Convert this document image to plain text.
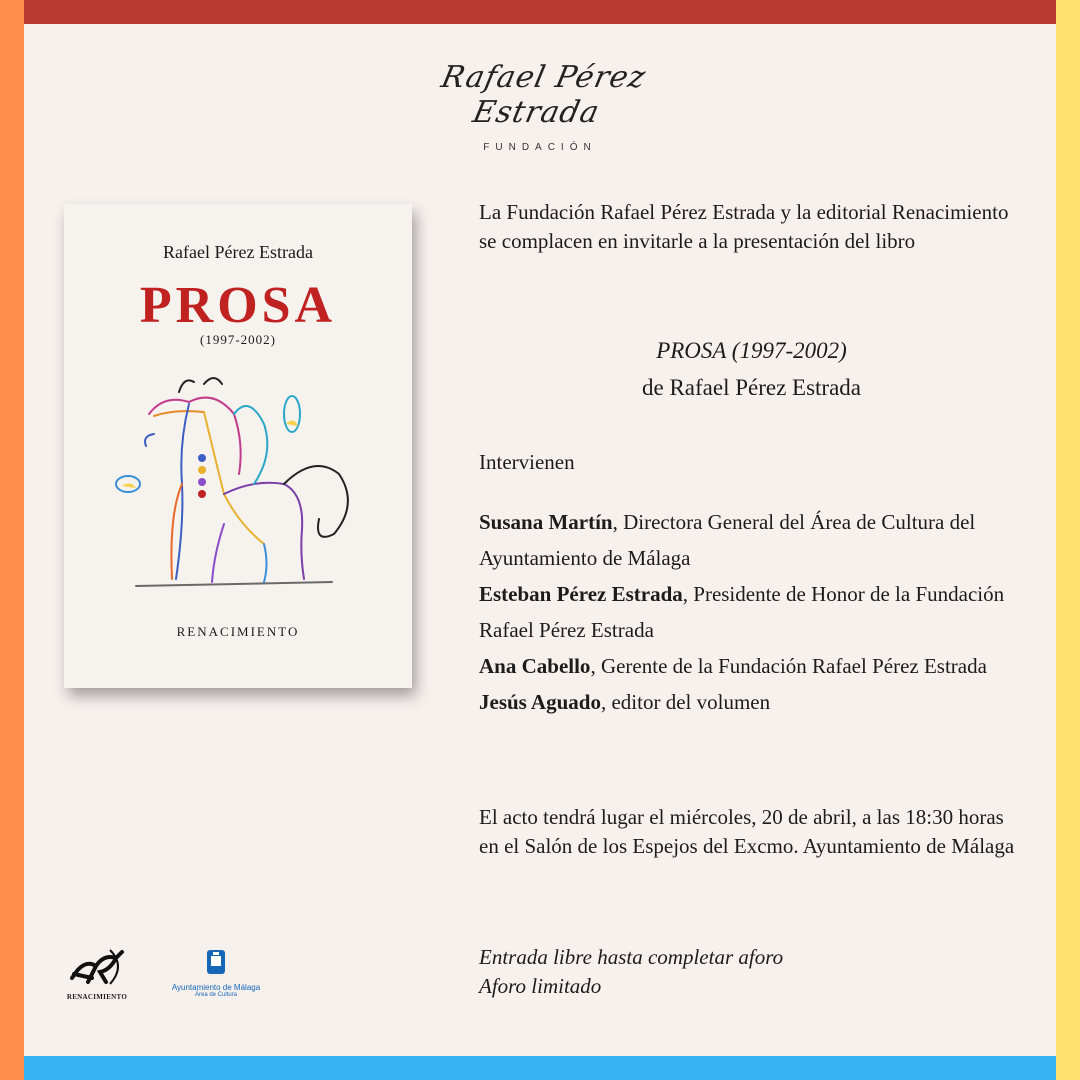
Rafael Pérez Estrada
FUNDACIÓN
Rafael Pérez Estrada
PROSA
(1997-2002)
RENACIMIENTO
La Fundación Rafael Pérez Estrada y la editorial Renacimiento se complacen en invitarle a la presentación del libro
PROSA (1997-2002)
de Rafael Pérez Estrada
Intervienen
Susana Martín, Directora General del Área de Cultura del Ayuntamiento de Málaga
Esteban Pérez Estrada, Presidente de Honor de la Fundación Rafael Pérez Estrada
Ana Cabello, Gerente de la Fundación Rafael Pérez Estrada
Jesús Aguado, editor del volumen
El acto tendrá lugar el miércoles, 20 de abril, a las 18:30 horas en el Salón de los Espejos del Excmo. Ayuntamiento de Málaga
Entrada libre hasta completar aforo
Aforo limitado
RENACIMIENTO
Ayuntamiento de Málaga
Área de Cultura
